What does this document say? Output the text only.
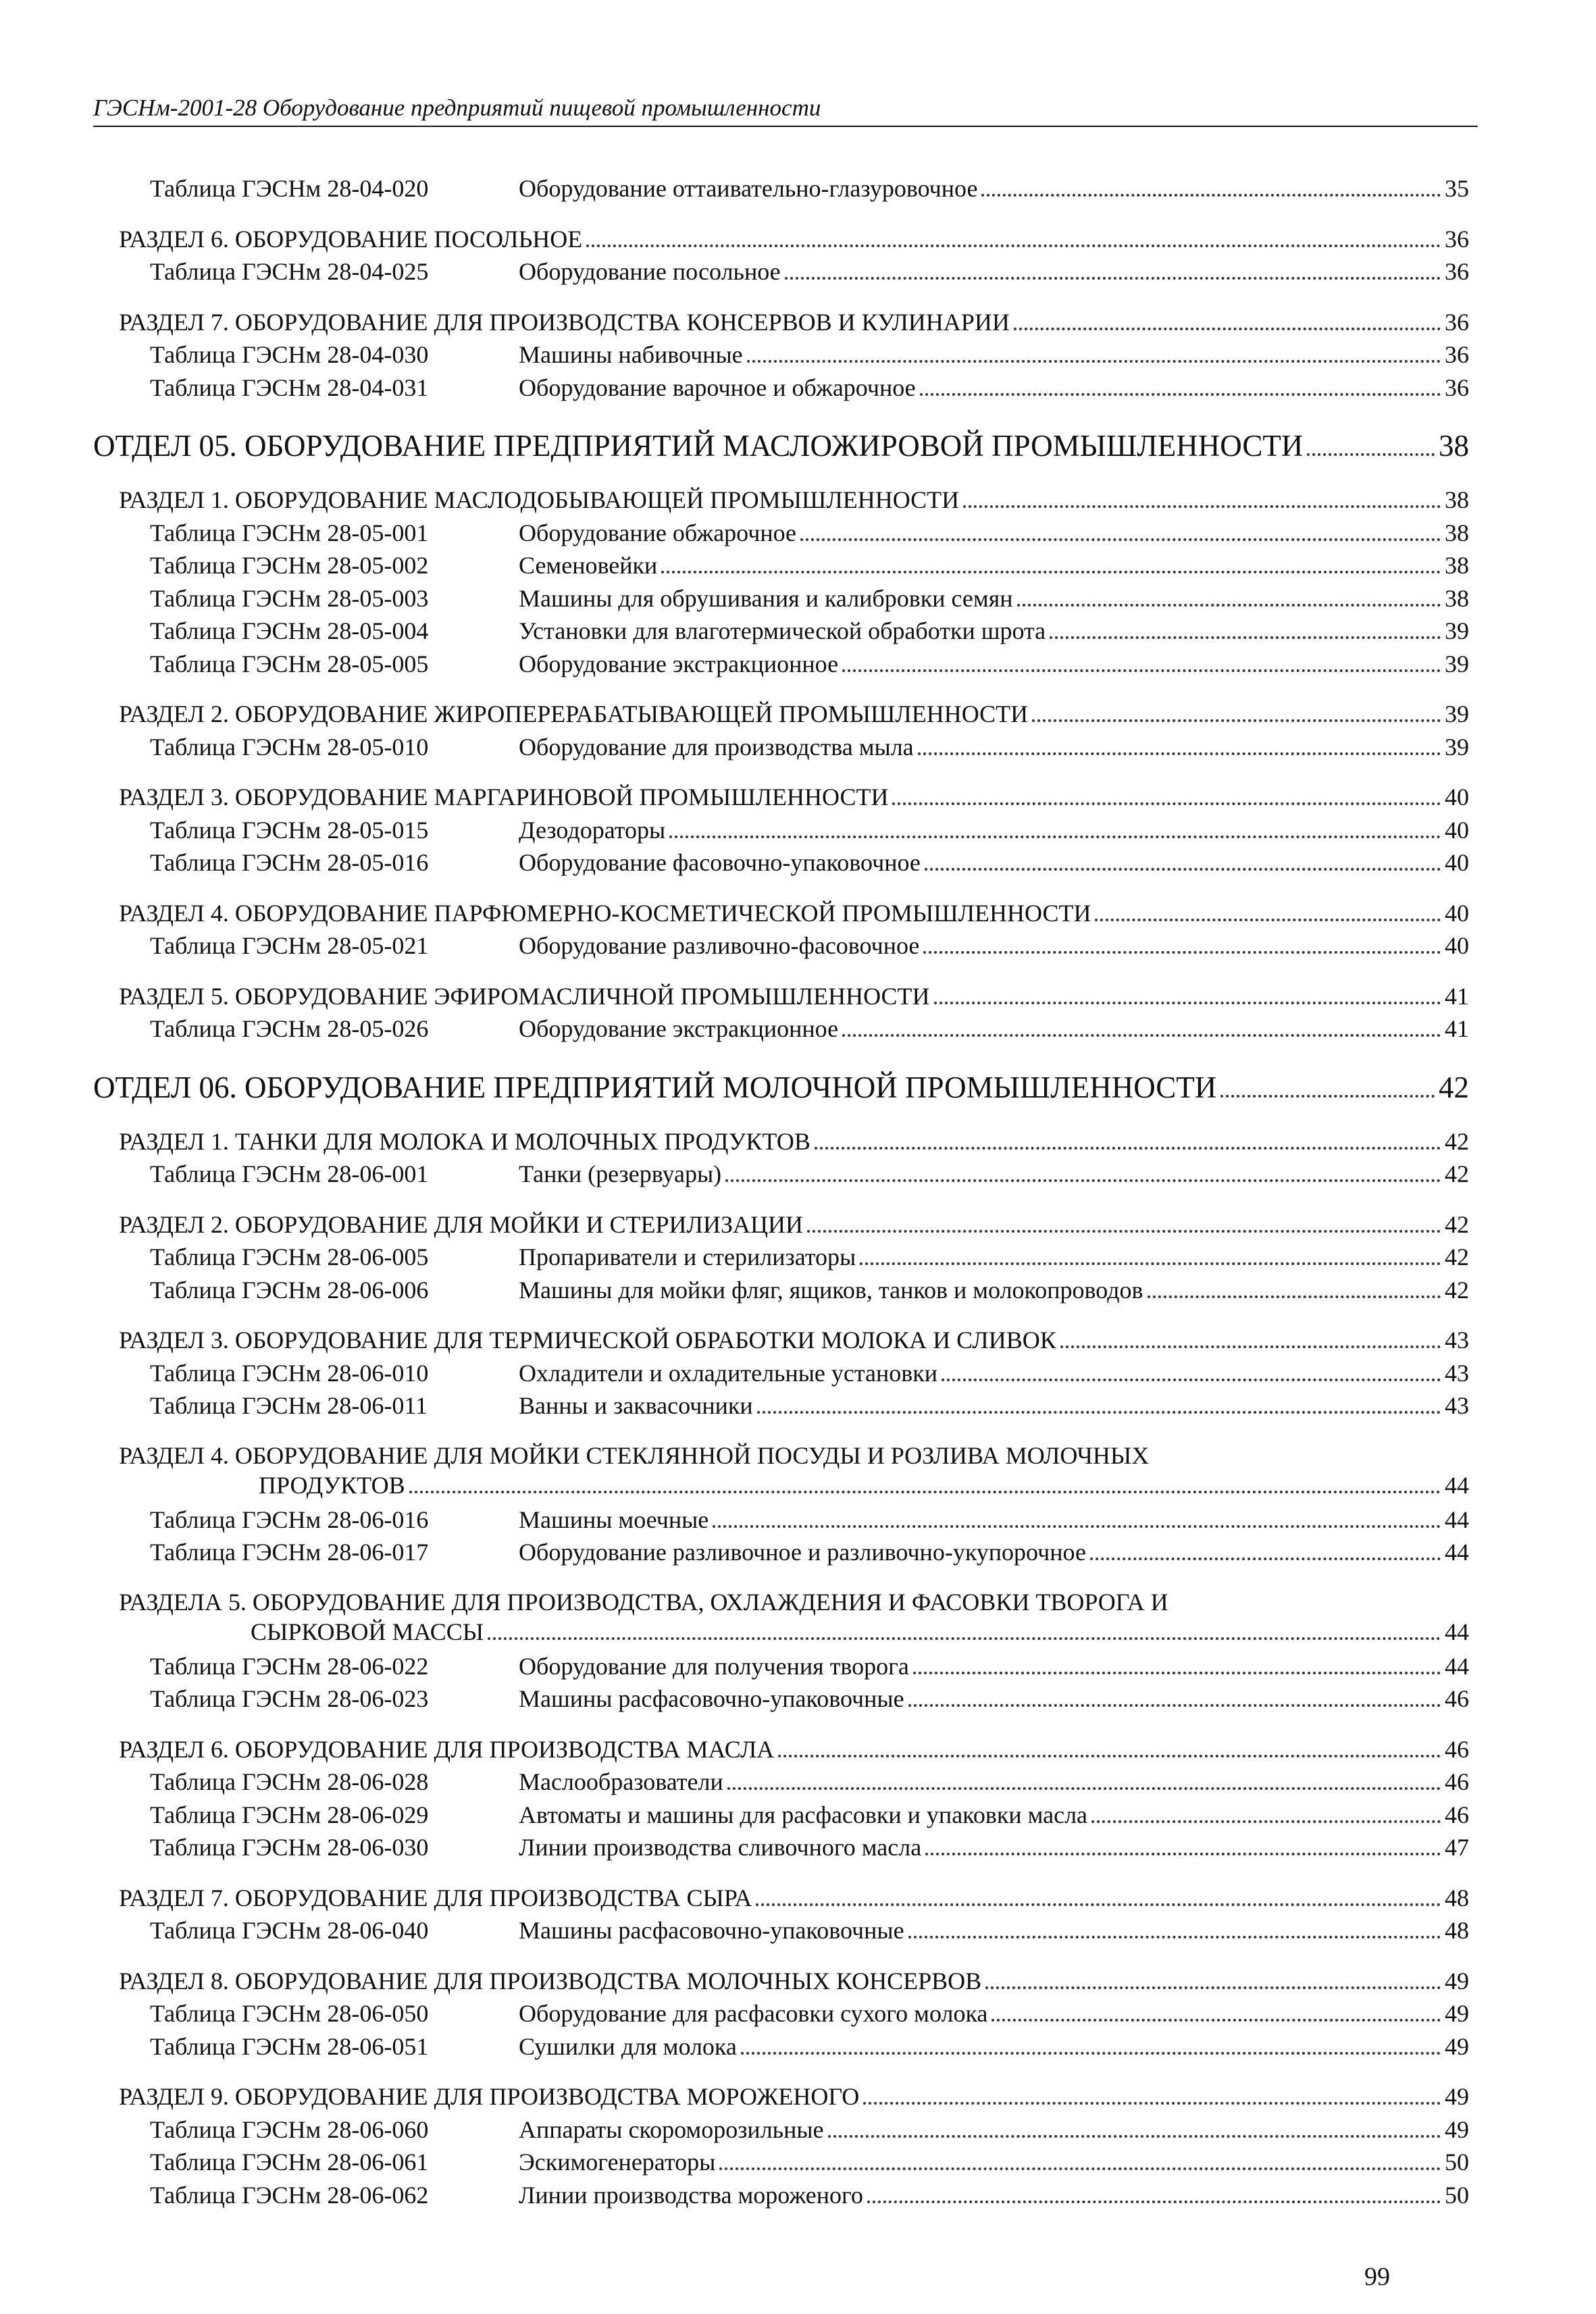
ГЭСНм-2001-28 Оборудование предприятий пищевой промышленности
Таблица ГЭСНм 28-04-020	Оборудование оттаивательно-глазуровочное	35
РАЗДЕЛ 6. ОБОРУДОВАНИЕ ПОСОЛЬНОЕ	36
Таблица ГЭСНм 28-04-025	Оборудование посольное	36
РАЗДЕЛ 7. ОБОРУДОВАНИЕ ДЛЯ ПРОИЗВОДСТВА КОНСЕРВОВ И КУЛИНАРИИ	36
Таблица ГЭСНм 28-04-030	Машины набивочные	36
Таблица ГЭСНм 28-04-031	Оборудование варочное и обжарочное	36
ОТДЕЛ 05. ОБОРУДОВАНИЕ ПРЕДПРИЯТИЙ МАСЛОЖИРОВОЙ ПРОМЫШЛЕННОСТИ	38
РАЗДЕЛ 1. ОБОРУДОВАНИЕ МАСЛОДОБЫВАЮЩЕЙ ПРОМЫШЛЕННОСТИ	38
Таблица ГЭСНм 28-05-001	Оборудование обжарочное	38
Таблица ГЭСНм 28-05-002	Семеновейки	38
Таблица ГЭСНм 28-05-003	Машины для обрушивания и калибровки семян	38
Таблица ГЭСНм 28-05-004	Установки для влаготермической обработки шрота	39
Таблица ГЭСНм 28-05-005	Оборудование экстракционное	39
РАЗДЕЛ 2. ОБОРУДОВАНИЕ ЖИРОПЕРЕРАБАТЫВАЮЩЕЙ ПРОМЫШЛЕННОСТИ	39
Таблица ГЭСНм 28-05-010	Оборудование для производства мыла	39
РАЗДЕЛ 3. ОБОРУДОВАНИЕ МАРГАРИНОВОЙ ПРОМЫШЛЕННОСТИ	40
Таблица ГЭСНм 28-05-015	Дезодораторы	40
Таблица ГЭСНм 28-05-016	Оборудование фасовочно-упаковочное	40
РАЗДЕЛ 4. ОБОРУДОВАНИЕ ПАРФЮМЕРНО-КОСМЕТИЧЕСКОЙ ПРОМЫШЛЕННОСТИ	40
Таблица ГЭСНм 28-05-021	Оборудование разливочно-фасовочное	40
РАЗДЕЛ 5. ОБОРУДОВАНИЕ ЭФИРОМАСЛИЧНОЙ ПРОМЫШЛЕННОСТИ	41
Таблица ГЭСНм 28-05-026	Оборудование экстракционное	41
ОТДЕЛ 06. ОБОРУДОВАНИЕ ПРЕДПРИЯТИЙ МОЛОЧНОЙ ПРОМЫШЛЕННОСТИ	42
РАЗДЕЛ 1. ТАНКИ ДЛЯ МОЛОКА И МОЛОЧНЫХ ПРОДУКТОВ	42
Таблица ГЭСНм 28-06-001	Танки (резервуары)	42
РАЗДЕЛ 2. ОБОРУДОВАНИЕ ДЛЯ МОЙКИ И СТЕРИЛИЗАЦИИ	42
Таблица ГЭСНм 28-06-005	Пропариватели и стерилизаторы	42
Таблица ГЭСНм 28-06-006	Машины для мойки фляг, ящиков, танков и молокопроводов	42
РАЗДЕЛ 3. ОБОРУДОВАНИЕ ДЛЯ ТЕРМИЧЕСКОЙ ОБРАБОТКИ МОЛОКА И СЛИВОК	43
Таблица ГЭСНм 28-06-010	Охладители и охладительные установки	43
Таблица ГЭСНм 28-06-011	Ванны и заквасочники	43
РАЗДЕЛ 4. ОБОРУДОВАНИЕ ДЛЯ МОЙКИ СТЕКЛЯННОЙ ПОСУДЫ И РОЗЛИВА МОЛОЧНЫХ
ПРОДУКТОВ	44
Таблица ГЭСНм 28-06-016	Машины моечные	44
Таблица ГЭСНм 28-06-017	Оборудование разливочное и разливочно-укупорочное	44
РАЗДЕЛА 5. ОБОРУДОВАНИЕ ДЛЯ ПРОИЗВОДСТВА, ОХЛАЖДЕНИЯ И ФАСОВКИ ТВОРОГА И
СЫРКОВОЙ МАССЫ	44
Таблица ГЭСНм 28-06-022	Оборудование для получения творога	44
Таблица ГЭСНм 28-06-023	Машины расфасовочно-упаковочные	46
РАЗДЕЛ 6. ОБОРУДОВАНИЕ ДЛЯ ПРОИЗВОДСТВА МАСЛА	46
Таблица ГЭСНм 28-06-028	Маслообразователи	46
Таблица ГЭСНм 28-06-029	Автоматы и машины для расфасовки и упаковки масла	46
Таблица ГЭСНм 28-06-030	Линии производства сливочного масла	47
РАЗДЕЛ 7. ОБОРУДОВАНИЕ ДЛЯ ПРОИЗВОДСТВА СЫРА	48
Таблица ГЭСНм 28-06-040	Машины расфасовочно-упаковочные	48
РАЗДЕЛ 8. ОБОРУДОВАНИЕ ДЛЯ ПРОИЗВОДСТВА МОЛОЧНЫХ КОНСЕРВОВ	49
Таблица ГЭСНм 28-06-050	Оборудование для расфасовки сухого молока	49
Таблица ГЭСНм 28-06-051	Сушилки для молока	49
РАЗДЕЛ 9. ОБОРУДОВАНИЕ ДЛЯ ПРОИЗВОДСТВА МОРОЖЕНОГО	49
Таблица ГЭСНм 28-06-060	Аппараты скороморозильные	49
Таблица ГЭСНм 28-06-061	Эскимогенераторы	50
Таблица ГЭСНм 28-06-062	Линии производства мороженого	50
99
